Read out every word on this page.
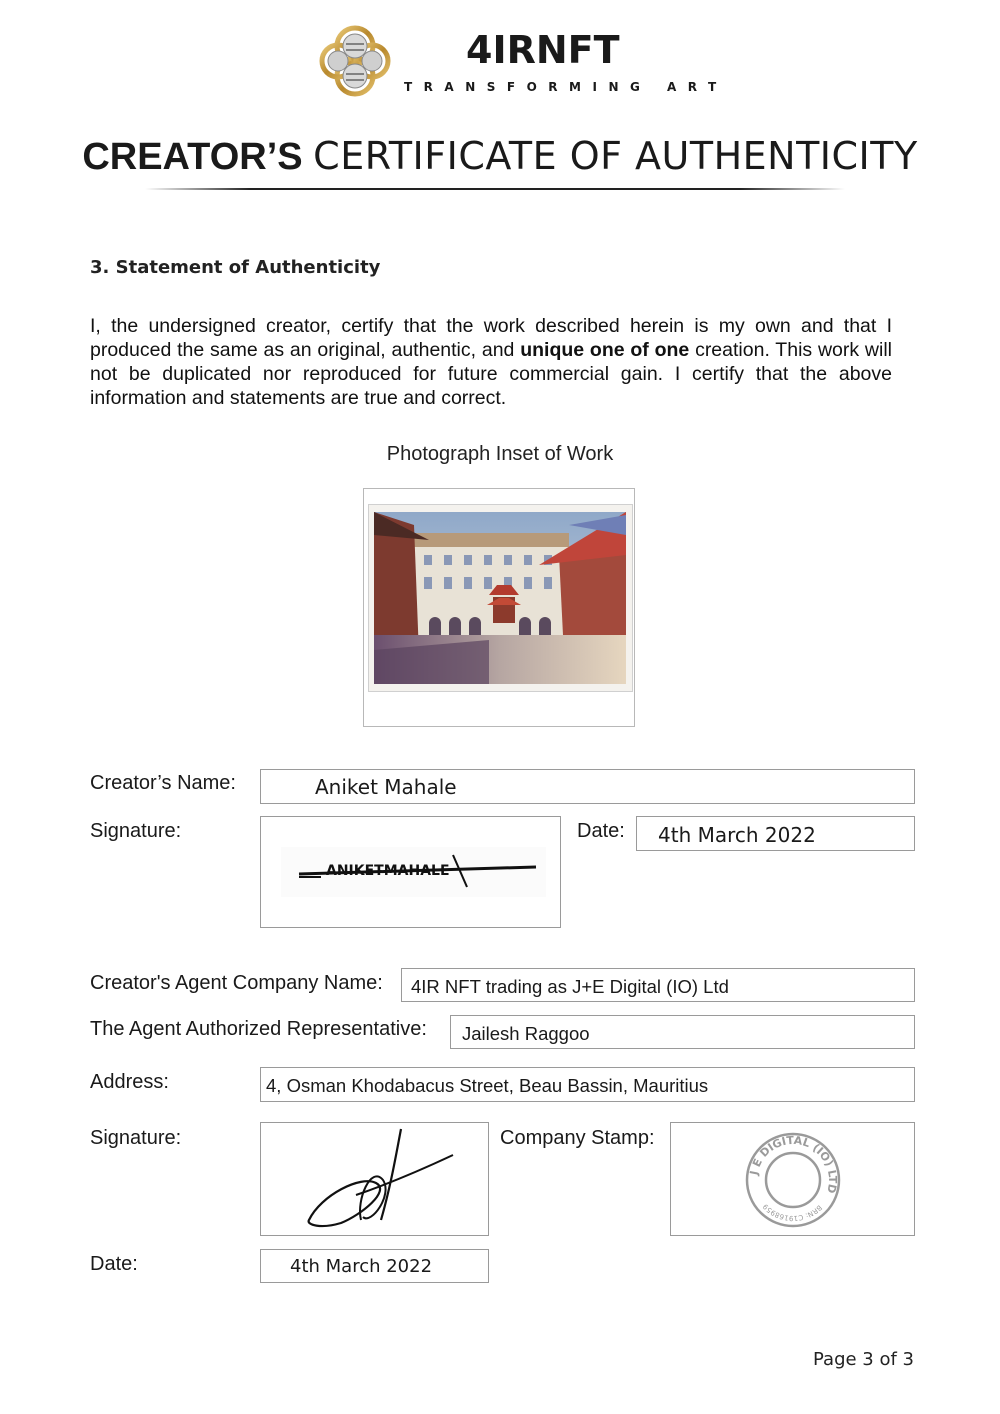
4IRNFT
TRANSFORMING ART
CREATOR’S CERTIFICATE OF AUTHENTICITY
3. Statement of Authenticity
I, the undersigned creator, certify that the work described herein is my own and that I produced the same as an original, authentic, and unique one of one creation. This work will not be duplicated nor reproduced for future commercial gain. I certify that the above information and statements are true and correct.
Photograph Inset of Work
Creator’s Name:	Aniket Mahale
Signature:
ANIKETMAHALE
Date: 4th March 2022
Creator's Agent Company Name: 4IR NFT trading as J+E Digital (IO) Ltd
The Agent Authorized Representative: Jailesh Raggoo
Address:	4, Osman Khodabacus Street, Beau Bassin, Mauritius
Signature:	Company Stamp:
J E DIGITAL (IO) LTD
BRN: C19168959
Date:	4th March 2022
Page 3 of 3
